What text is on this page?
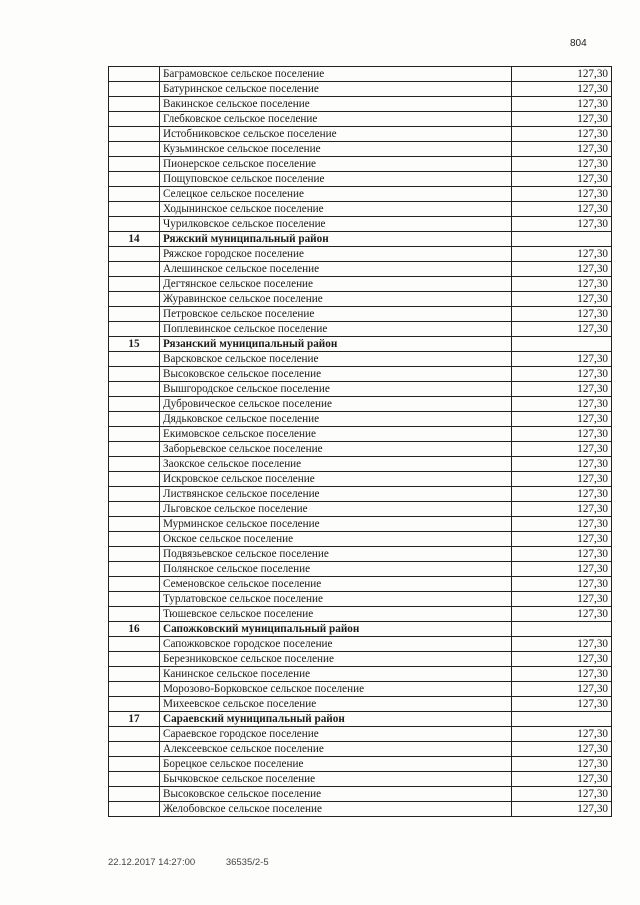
804
	Баграмовское сельское поселение	127,30
	Батуринское сельское поселение	127,30
	Вакинское сельское поселение	127,30
	Глебковское сельское поселение	127,30
	Истобниковское сельское поселение	127,30
	Кузьминское сельское поселение	127,30
	Пионерское сельское поселение	127,30
	Пощуповское сельское поселение	127,30
	Селецкое сельское поселение	127,30
	Ходынинское сельское поселение	127,30
	Чурилковское сельское поселение	127,30
14	Ряжский муниципальный район	
	Ряжское городское поселение	127,30
	Алешинское сельское поселение	127,30
	Дегтянское сельское поселение	127,30
	Журавинское сельское поселение	127,30
	Петровское сельское поселение	127,30
	Поплевинское сельское поселение	127,30
15	Рязанский муниципальный район	
	Варсковское сельское поселение	127,30
	Высоковское сельское поселение	127,30
	Вышгородское сельское поселение	127,30
	Дубровическое сельское поселение	127,30
	Дядьковское сельское поселение	127,30
	Екимовское сельское поселение	127,30
	Заборьевское сельское поселение	127,30
	Заокское сельское поселение	127,30
	Искровское сельское поселение	127,30
	Листвянское сельское поселение	127,30
	Льговское сельское поселение	127,30
	Мурминское сельское поселение	127,30
	Окское сельское поселение	127,30
	Подвязьевское сельское поселение	127,30
	Полянское сельское поселение	127,30
	Семеновское сельское поселение	127,30
	Турлатовское сельское поселение	127,30
	Тюшевское сельское поселение	127,30
16	Сапожковский муниципальный район	
	Сапожковское городское поселение	127,30
	Березниковское сельское поселение	127,30
	Канинское сельское поселение	127,30
	Морозово-Борковское сельское поселение	127,30
	Михеевское сельское поселение	127,30
17	Сараевский муниципальный район	
	Сараевское городское поселение	127,30
	Алексеевское сельское поселение	127,30
	Борецкое сельское поселение	127,30
	Бычковское сельское поселение	127,30
	Высоковское сельское поселение	127,30
	Желобовское сельское поселение	127,30
22.12.2017 14:27:00	36535/2-5
